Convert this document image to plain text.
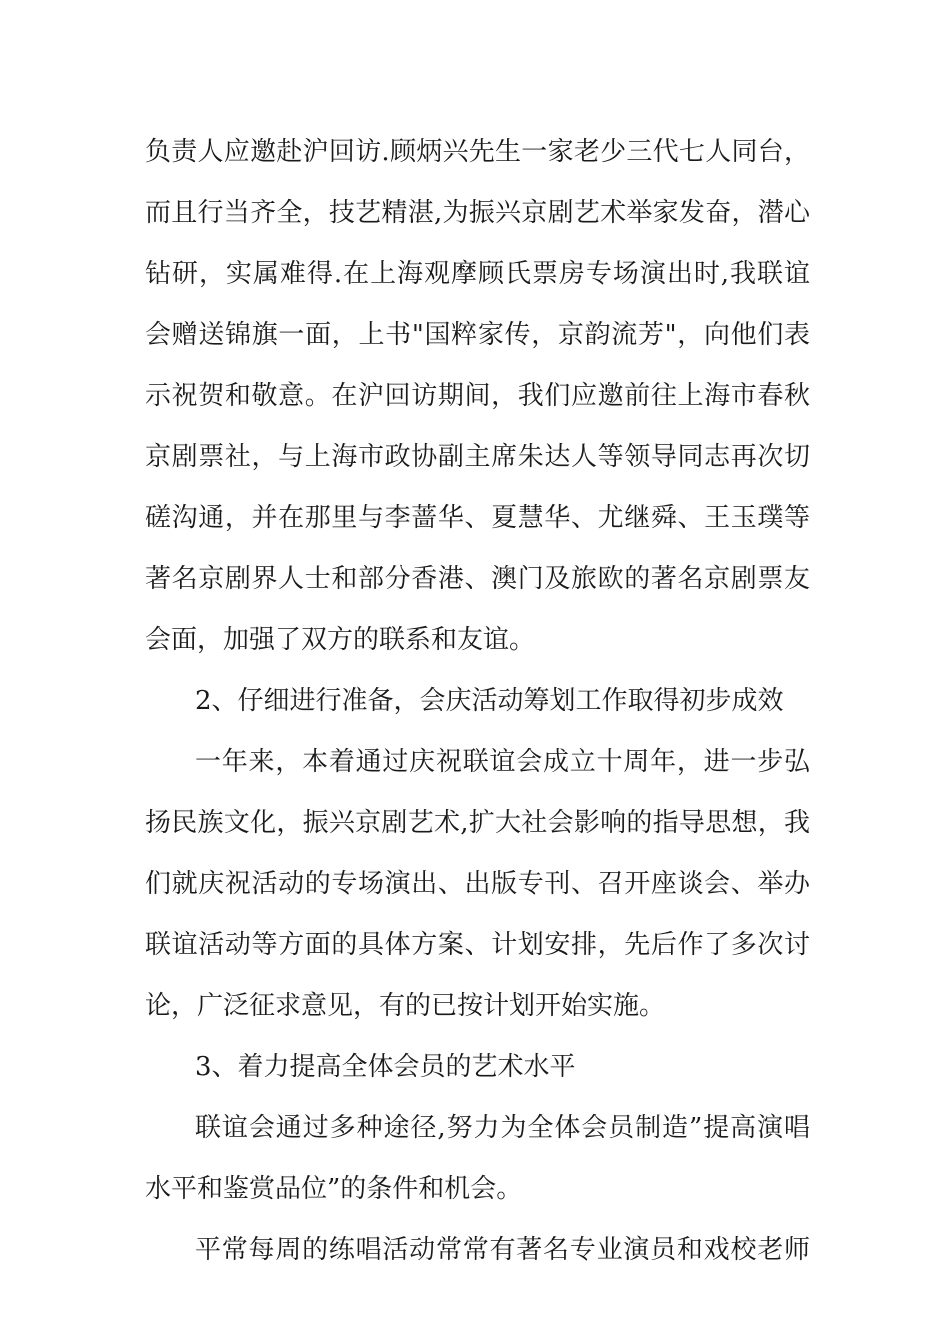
负责人应邀赴沪回访.顾炳兴先生一家老少三代七人同台，
而且行当齐全，技艺精湛,为振兴京剧艺术举家发奋，潜心
钻研，实属难得.在上海观摩顾氏票房专场演出时,我联谊
会赠送锦旗一面，上书"国粹家传，京韵流芳"，向他们表
示祝贺和敬意。在沪回访期间，我们应邀前往上海市春秋
京剧票社，与上海市政协副主席朱达人等领导同志再次切
磋沟通，并在那里与李蔷华、夏慧华、尤继舜、王玉璞等
著名京剧界人士和部分香港、澳门及旅欧的著名京剧票友
会面，加强了双方的联系和友谊。
2、仔细进行准备，会庆活动筹划工作取得初步成效
一年来，本着通过庆祝联谊会成立十周年，进一步弘
扬民族文化，振兴京剧艺术,扩大社会影响的指导思想，我
们就庆祝活动的专场演出、出版专刊、召开座谈会、举办
联谊活动等方面的具体方案、计划安排，先后作了多次讨
论，广泛征求意见，有的已按计划开始实施。
3、着力提高全体会员的艺术水平
联谊会通过多种途径,努力为全体会员制造”提高演唱
水平和鉴赏品位”的条件和机会。
平常每周的练唱活动常常有著名专业演员和戏校老师
